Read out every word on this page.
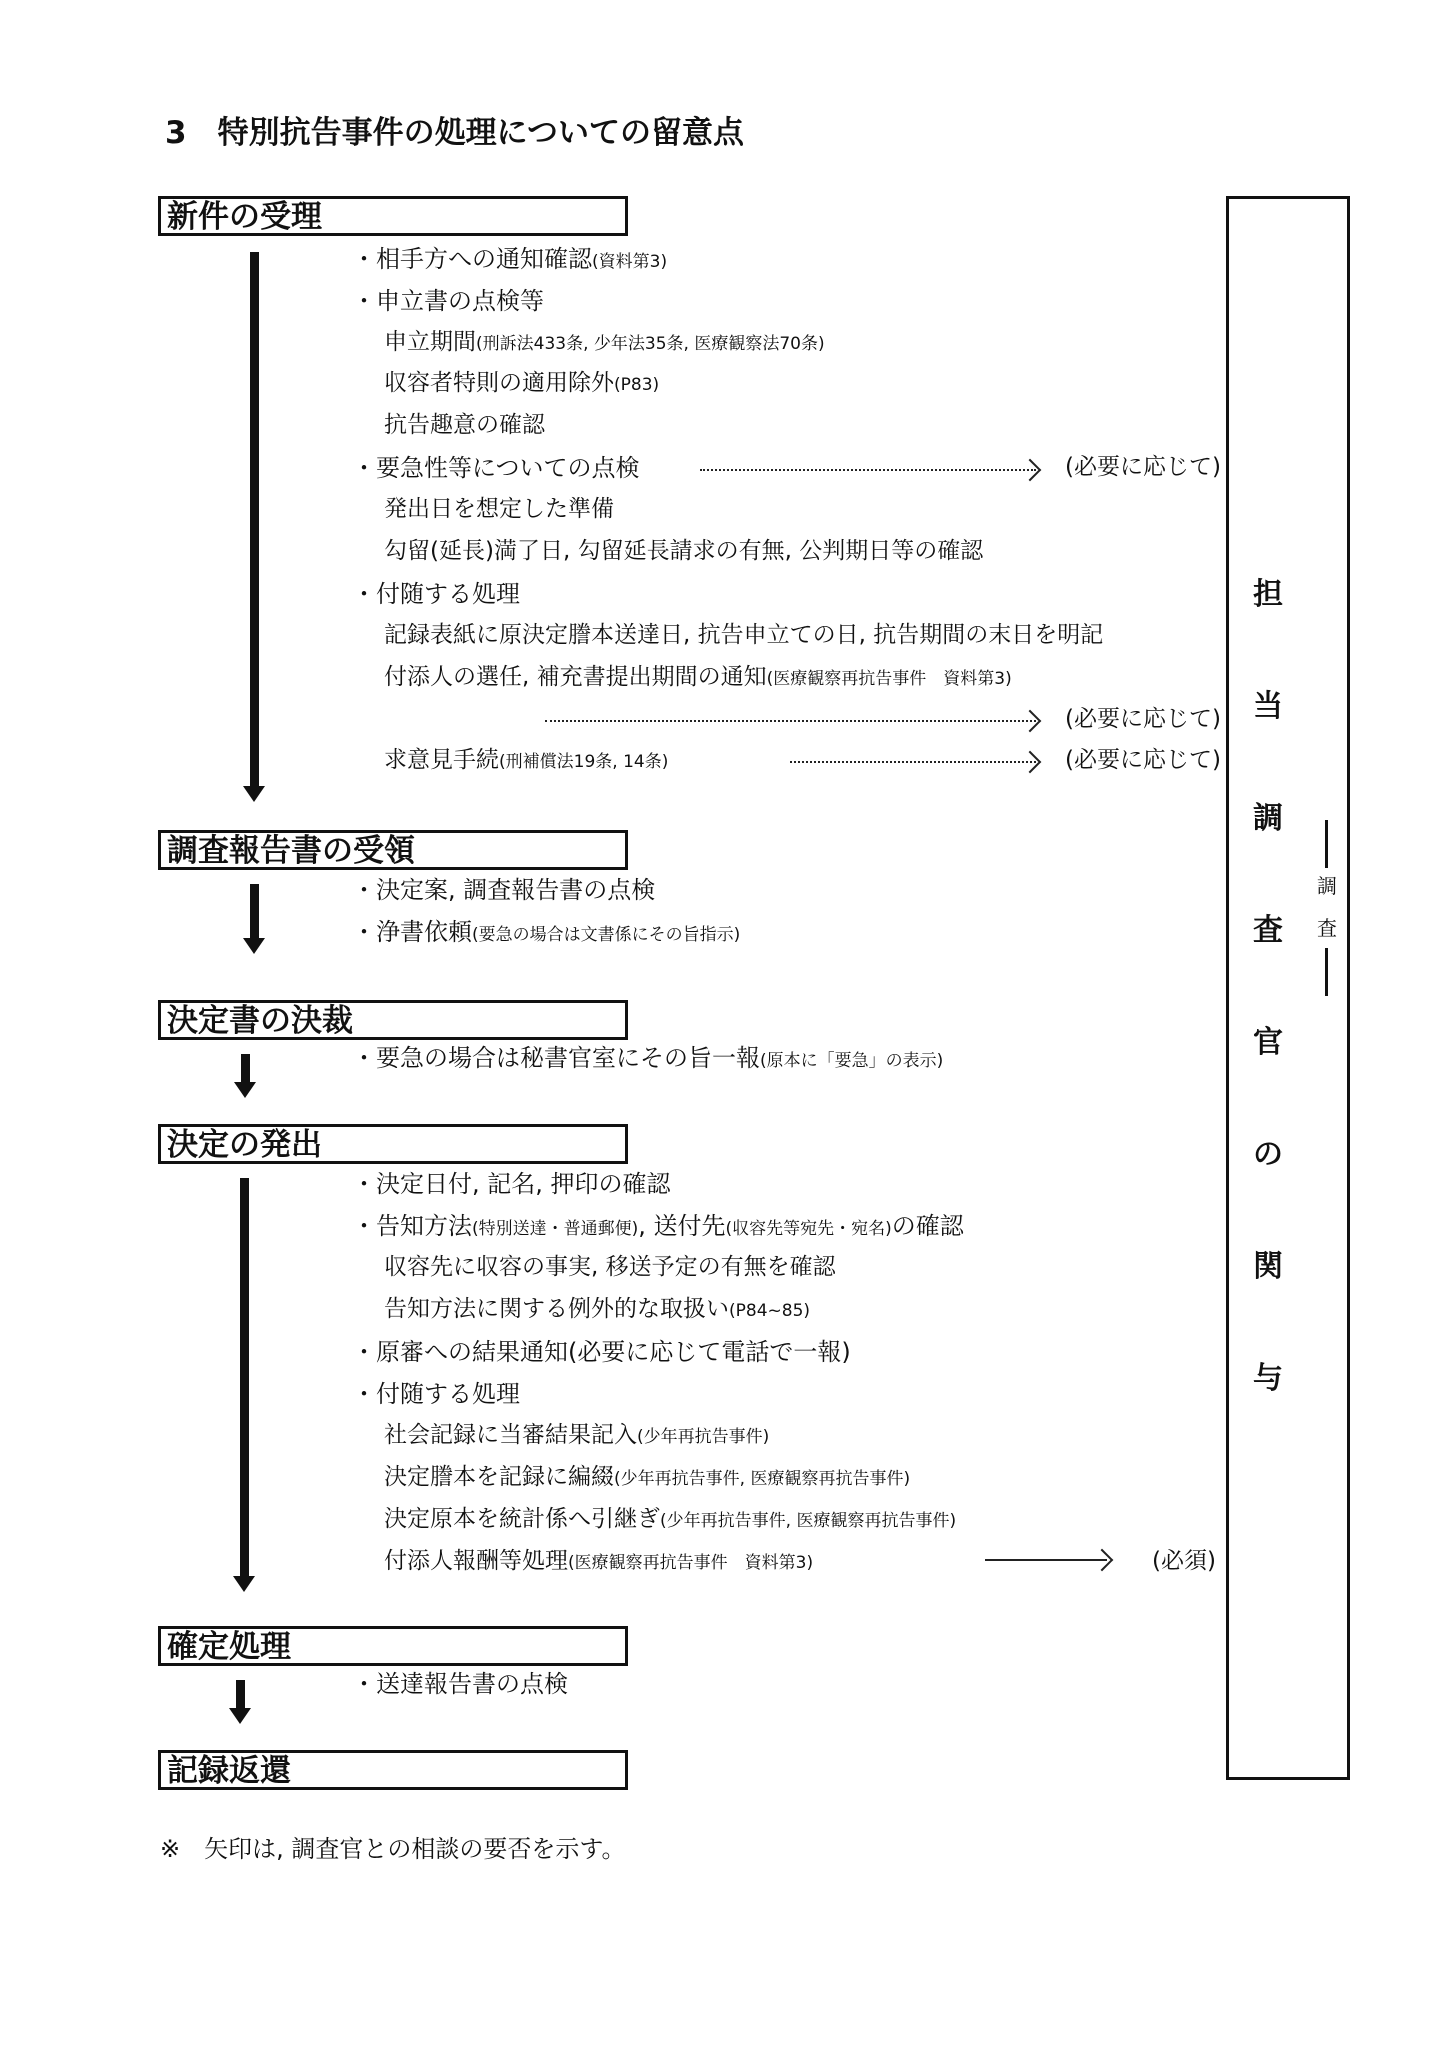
3　特別抗告事件の処理についての留意点
新件の受理
調査報告書の受領
決定書の決裁
決定の発出
確定処理
記録返還
・相手方への通知確認(資料第3)
・申立書の点検等
申立期間(刑訴法433条, 少年法35条, 医療観察法70条)
収容者特則の適用除外(P83)
抗告趣意の確認
・要急性等についての点検
発出日を想定した準備
勾留(延長)満了日, 勾留延長請求の有無, 公判期日等の確認
・付随する処理
記録表紙に原決定謄本送達日, 抗告申立ての日, 抗告期間の末日を明記
付添人の選任, 補充書提出期間の通知(医療観察再抗告事件　資料第3)
求意見手続(刑補償法19条, 14条)
(必要に応じて)
(必要に応じて)
(必要に応じて)
・決定案, 調査報告書の点検
・浄書依頼(要急の場合は文書係にその旨指示)
・要急の場合は秘書官室にその旨一報(原本に「要急」の表示)
・決定日付, 記名, 押印の確認
・告知方法(特別送達・普通郵便), 送付先(収容先等宛先・宛名)の確認
収容先に収容の事実, 移送予定の有無を確認
告知方法に関する例外的な取扱い(P84~85)
・原審への結果通知(必要に応じて電話で一報)
・付随する処理
社会記録に当審結果記入(少年再抗告事件)
決定謄本を記録に編綴(少年再抗告事件, 医療観察再抗告事件)
決定原本を統計係へ引継ぎ(少年再抗告事件, 医療観察再抗告事件)
付添人報酬等処理(医療観察再抗告事件　資料第3)	(必須)
・送達報告書の点検
担
当
調
査
官
の
関
与
調
査
※　矢印は, 調査官との相談の要否を示す。
